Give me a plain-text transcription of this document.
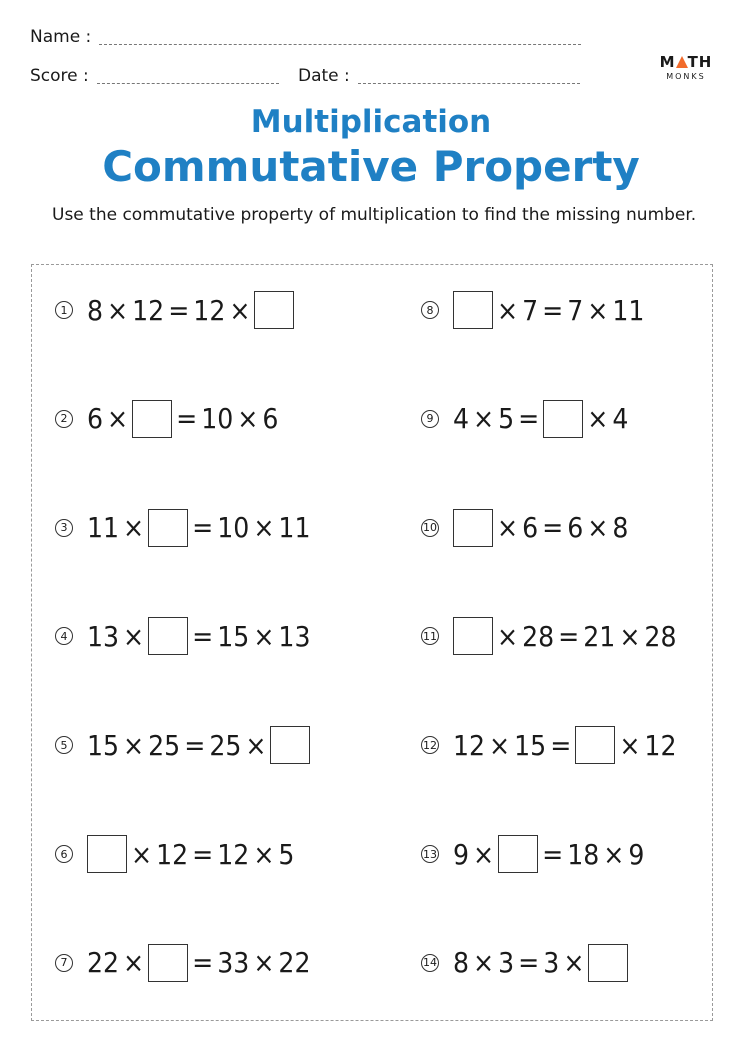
Name :
Score :	Date :
M TH
MONKS
Multiplication
Commutative Property
Use the commutative property of multiplication to find the missing number.
1 8 × 12 = 12 ×
2 6 × = 10 × 6
3 11 × = 10 × 11
4 13 × = 15 × 13
5 15 × 25 = 25 ×
6 × 12 = 12 × 5
7 22 × = 33 × 22
8 × 7 = 7 × 11
9 4 × 5 = × 4
10 × 6 = 6 × 8
11 × 28 = 21 × 28
12 12 × 15 = × 12
13 9 × = 18 × 9
14 8 × 3 = 3 ×
